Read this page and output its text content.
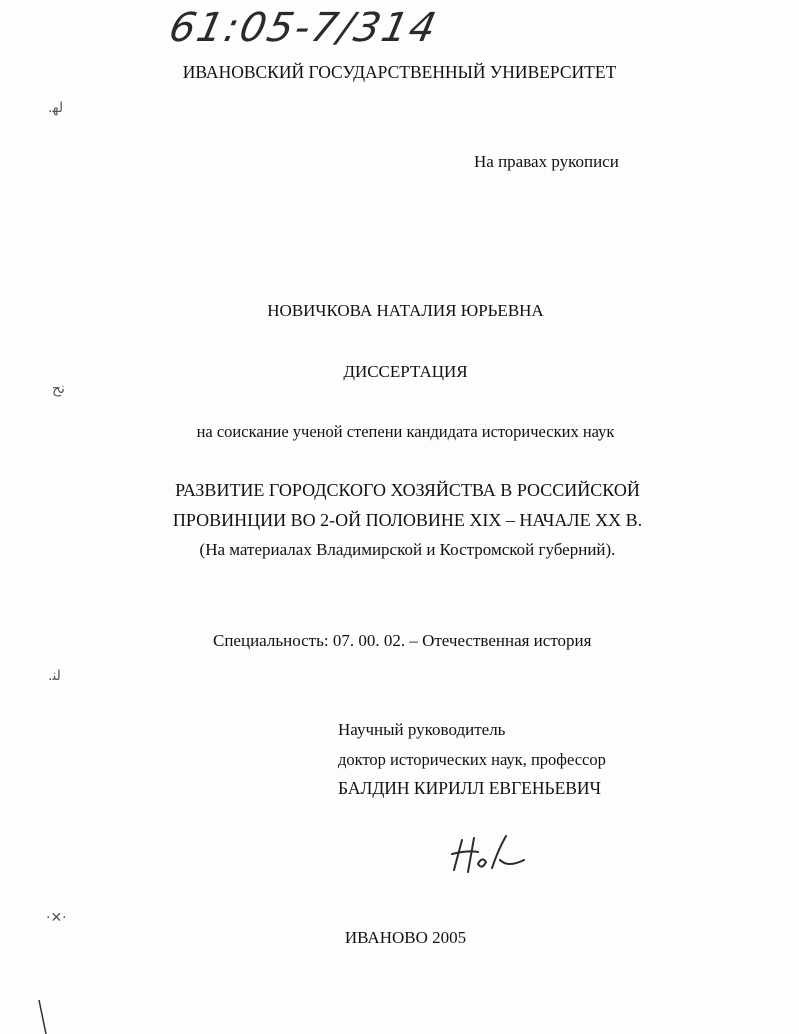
61:05-7/314
ИВАНОВСКИЙ ГОСУДАРСТВЕННЫЙ УНИВЕРСИТЕТ
.ﻟﻬ
На правах рукописи
НОВИЧКОВА НАТАЛИЯ ЮРЬЕВНА
ДИССЕРТАЦИЯ
ﻧﺢ
на соискание ученой степени кандидата исторических наук
РАЗВИТИЕ ГОРОДСКОГО ХОЗЯЙСТВА В РОССИЙСКОЙ
ПРОВИНЦИИ ВО 2-ОЙ ПОЛОВИНЕ XIX – НАЧАЛЕ XX В.
(На материалах Владимирской и Костромской губерний).
Специальность: 07. 00. 02. – Отечественная история
.ﻟﻨ
Научный руководитель
доктор исторических наук, профессор
БАЛДИН КИРИЛЛ ЕВГЕНЬЕВИЧ
·✕·
ИВАНОВО 2005
